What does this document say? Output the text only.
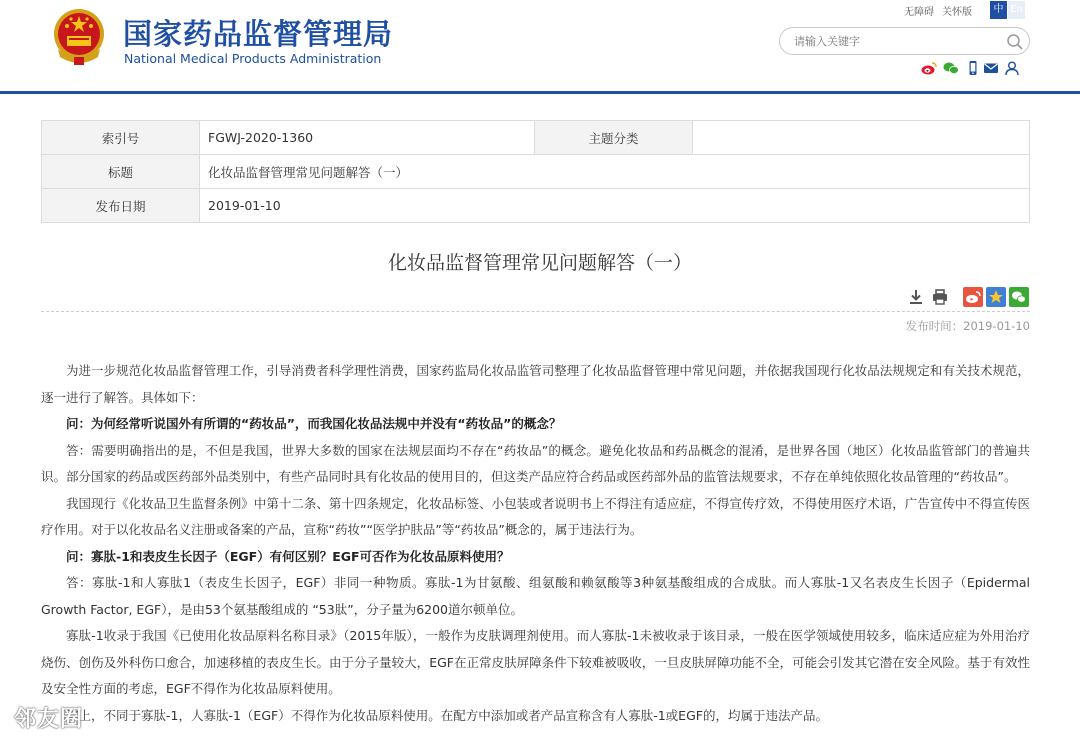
国家药品监督管理局
National Medical Products Administration
无障碍 关怀版	中 En
请输入关键字
索引号	FGWJ-2020-1360	主题分类	
标题	化妆品监督管理常见问题解答（一）		
发布日期	2019-01-10		
化妆品监督管理常见问题解答（一）
发布时间：2019-01-10

为进一步规范化妆品监督管理工作，引导消费者科学理性消费，国家药监局化妆品监管司整理了化妆品监督管理中常见问题，并依据我国现行化妆品法规规定和有关技术规范，逐一进行了解答。具体如下：

问：为何经常听说国外有所谓的“药妆品”，而我国化妆品法规中并没有“药妆品”的概念？

答：需要明确指出的是，不但是我国，世界大多数的国家在法规层面均不存在“药妆品”的概念。避免化妆品和药品概念的混淆，是世界各国（地区）化妆品监管部门的普遍共识。部分国家的药品或医药部外品类别中，有些产品同时具有化妆品的使用目的，但这类产品应符合药品或医药部外品的监管法规要求，不存在单纯依照化妆品管理的“药妆品”。

我国现行《化妆品卫生监督条例》中第十二条、第十四条规定，化妆品标签、小包装或者说明书上不得注有适应症，不得宣传疗效，不得使用医疗术语，广告宣传中不得宣传医疗作用。对于以化妆品名义注册或备案的产品，宣称“药妆”“医学护肤品”等“药妆品”概念的，属于违法行为。

问：寡肽-1和表皮生长因子（EGF）有何区别？EGF可否作为化妆品原料使用？

答：寡肽-1和人寡肽1（表皮生长因子，EGF）非同一种物质。寡肽-1为甘氨酸、组氨酸和赖氨酸等3种氨基酸组成的合成肽。而人寡肽-1又名表皮生长因子（Epidermal Growth Factor, EGF），是由53个氨基酸组成的 “53肽”，分子量为6200道尔顿单位。

寡肽-1收录于我国《已使用化妆品原料名称目录》（2015年版），一般作为皮肤调理剂使用。而人寡肽-1未被收录于该目录，一般在医学领域使用较多，临床适应症为外用治疗烧伤、创伤及外科伤口愈合，加速移植的表皮生长。由于分子量较大，EGF在正常皮肤屏障条件下较难被吸收，一旦皮肤屏障功能不全，可能会引发其它潜在安全风险。基于有效性及安全性方面的考虑，EGF不得作为化妆品原料使用。

综上，不同于寡肽-1，人寡肽-1（EGF）不得作为化妆品原料使用。在配方中添加或者产品宣称含有人寡肽-1或EGF的，均属于违法产品。

邻友圈
